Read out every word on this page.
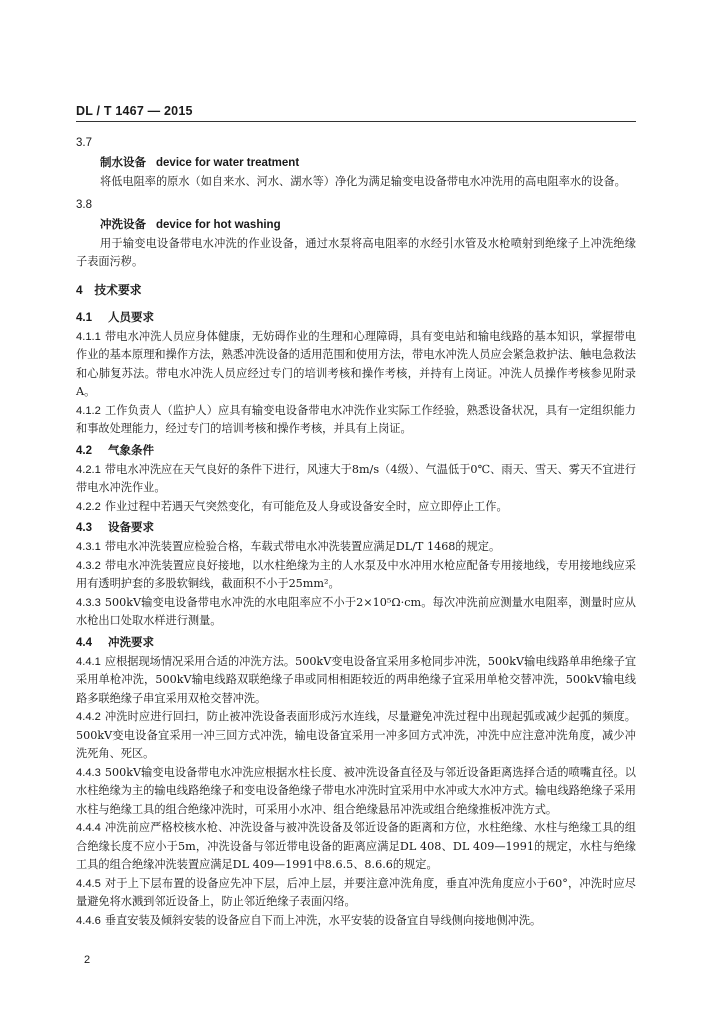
DL / T 1467 — 2015

3.7

制水设备 device for water treatment

将低电阻率的原水（如自来水、河水、湖水等）净化为满足输变电设备带电水冲洗用的高电阻率水的设备。

3.8

冲洗设备 device for hot washing

用于输变电设备带电水冲洗的作业设备，通过水泵将高电阻率的水经引水管及水枪喷射到绝缘子上冲洗绝缘子表面污秽。

4　技术要求

4.1 人员要求

4.1.1 带电水冲洗人员应身体健康，无妨碍作业的生理和心理障碍，具有变电站和输电线路的基本知识，掌握带电作业的基本原理和操作方法，熟悉冲洗设备的适用范围和使用方法，带电水冲洗人员应会紧急救护法、触电急救法和心肺复苏法。带电水冲洗人员应经过专门的培训考核和操作考核，并持有上岗证。冲洗人员操作考核参见附录A。

4.1.2 工作负责人（监护人）应具有输变电设备带电水冲洗作业实际工作经验，熟悉设备状况，具有一定组织能力和事故处理能力，经过专门的培训考核和操作考核，并具有上岗证。

4.2 气象条件

4.2.1 带电水冲洗应在天气良好的条件下进行，风速大于8m/s（4级）、气温低于0℃、雨天、雪天、雾天不宜进行带电水冲洗作业。

4.2.2 作业过程中若遇天气突然变化，有可能危及人身或设备安全时，应立即停止工作。

4.3 设备要求

4.3.1 带电水冲洗装置应检验合格，车载式带电水冲洗装置应满足DL/T 1468的规定。

4.3.2 带电水冲洗装置应良好接地，以水柱绝缘为主的人水泵及中水冲用水枪应配备专用接地线，专用接地线应采用有透明护套的多股软铜线，截面积不小于25mm²。

4.3.3 500kV输变电设备带电水冲洗的水电阻率应不小于2×10⁵Ω·cm。每次冲洗前应测量水电阻率，测量时应从水枪出口处取水样进行测量。

4.4 冲洗要求

4.4.1 应根据现场情况采用合适的冲洗方法。500kV变电设备宜采用多枪同步冲洗，500kV输电线路单串绝缘子宜采用单枪冲洗，500kV输电线路双联绝缘子串或同相相距较近的两串绝缘子宜采用单枪交替冲洗，500kV输电线路多联绝缘子串宜采用双枪交替冲洗。

4.4.2 冲洗时应进行回扫，防止被冲洗设备表面形成污水连线，尽量避免冲洗过程中出现起弧或减少起弧的频度。500kV变电设备宜采用一冲三回方式冲洗，输电设备宜采用一冲多回方式冲洗，冲洗中应注意冲洗角度，减少冲洗死角、死区。

4.4.3 500kV输变电设备带电水冲洗应根据水柱长度、被冲洗设备直径及与邻近设备距离选择合适的喷嘴直径。以水柱绝缘为主的输电线路绝缘子和变电设备绝缘子带电水冲洗时宜采用中水冲或大水冲方式。输电线路绝缘子采用水柱与绝缘工具的组合绝缘冲洗时，可采用小水冲、组合绝缘悬吊冲洗或组合绝缘推板冲洗方式。

4.4.4 冲洗前应严格校核水枪、冲洗设备与被冲洗设备及邻近设备的距离和方位，水柱绝缘、水柱与绝缘工具的组合绝缘长度不应小于5m，冲洗设备与邻近带电设备的距离应满足DL 408、DL 409—1991的规定，水柱与绝缘工具的组合绝缘冲洗装置应满足DL 409—1991中8.6.5、8.6.6的规定。

4.4.5 对于上下层布置的设备应先冲下层，后冲上层，并要注意冲洗角度，垂直冲洗角度应小于60°，冲洗时应尽量避免将水溅到邻近设备上，防止邻近绝缘子表面闪络。

4.4.6 垂直安装及倾斜安装的设备应自下而上冲洗，水平安装的设备宜自导线侧向接地侧冲洗。

2
